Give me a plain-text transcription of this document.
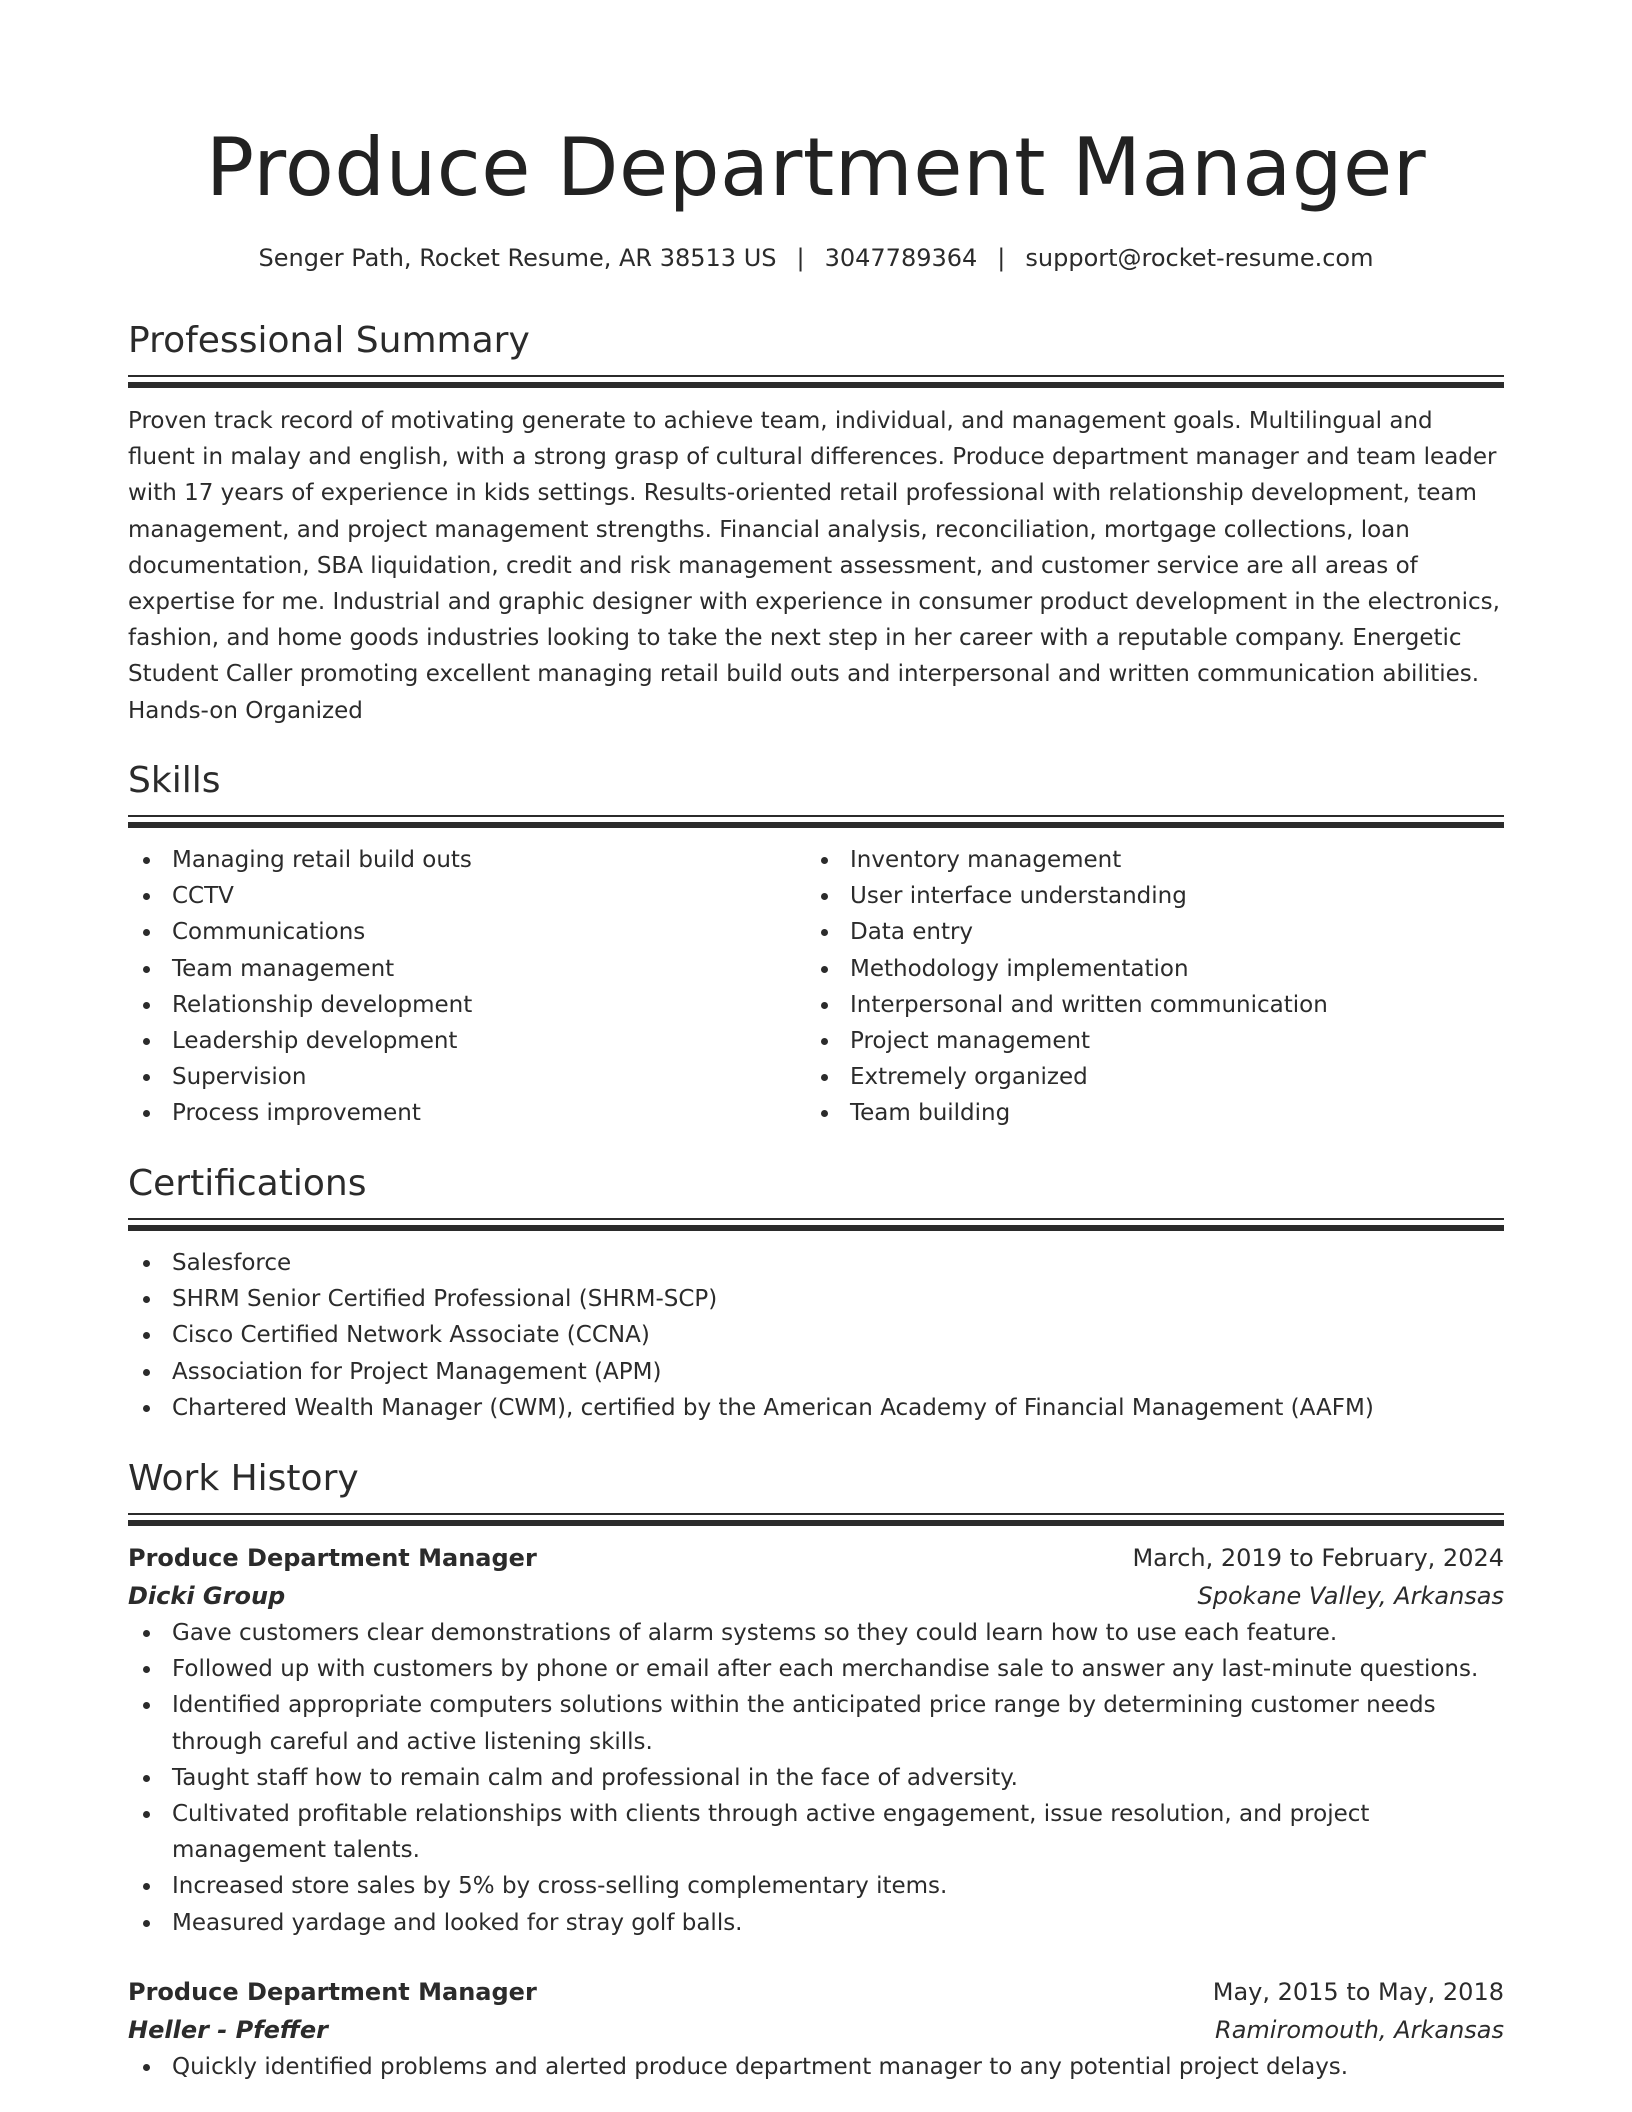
Produce Department Manager
Senger Path, Rocket Resume, AR 38513 US | 3047789364 | support@rocket-resume.com
Professional Summary

Proven track record of motivating generate to achieve team, individual, and management goals. Multilingual and fluent in malay and english, with a strong grasp of cultural differences. Produce department manager and team leader with 17 years of experience in kids settings. Results-oriented retail professional with relationship development, team management, and project management strengths. Financial analysis, reconciliation, mortgage collections, loan documentation, SBA liquidation, credit and risk management assessment, and customer service are all areas of expertise for me. Industrial and graphic designer with experience in consumer product development in the electronics, fashion, and home goods industries looking to take the next step in her career with a reputable company. Energetic Student Caller promoting excellent managing retail build outs and interpersonal and written communication abilities. Hands-on Organized

Skills
Managing retail build outs
CCTV
Communications
Team management
Relationship development
Leadership development
Supervision
Process improvement
Inventory management
User interface understanding
Data entry
Methodology implementation
Interpersonal and written communication
Project management
Extremely organized
Team building
Certifications
Salesforce
SHRM Senior Certified Professional (SHRM-SCP)
Cisco Certified Network Associate (CCNA)
Association for Project Management (APM)
Chartered Wealth Manager (CWM), certified by the American Academy of Financial Management (AAFM)
Work History
Produce Department Manager	March, 2019 to February, 2024
Dicki Group	Spokane Valley, Arkansas
Gave customers clear demonstrations of alarm systems so they could learn how to use each feature.
Followed up with customers by phone or email after each merchandise sale to answer any last-minute questions.
Identified appropriate computers solutions within the anticipated price range by determining customer needs through careful and active listening skills.
Taught staff how to remain calm and professional in the face of adversity.
Cultivated profitable relationships with clients through active engagement, issue resolution, and project management talents.
Increased store sales by 5% by cross-selling complementary items.
Measured yardage and looked for stray golf balls.
Produce Department Manager	May, 2015 to May, 2018
Heller - Pfeffer	Ramiromouth, Arkansas
Quickly identified problems and alerted produce department manager to any potential project delays.
